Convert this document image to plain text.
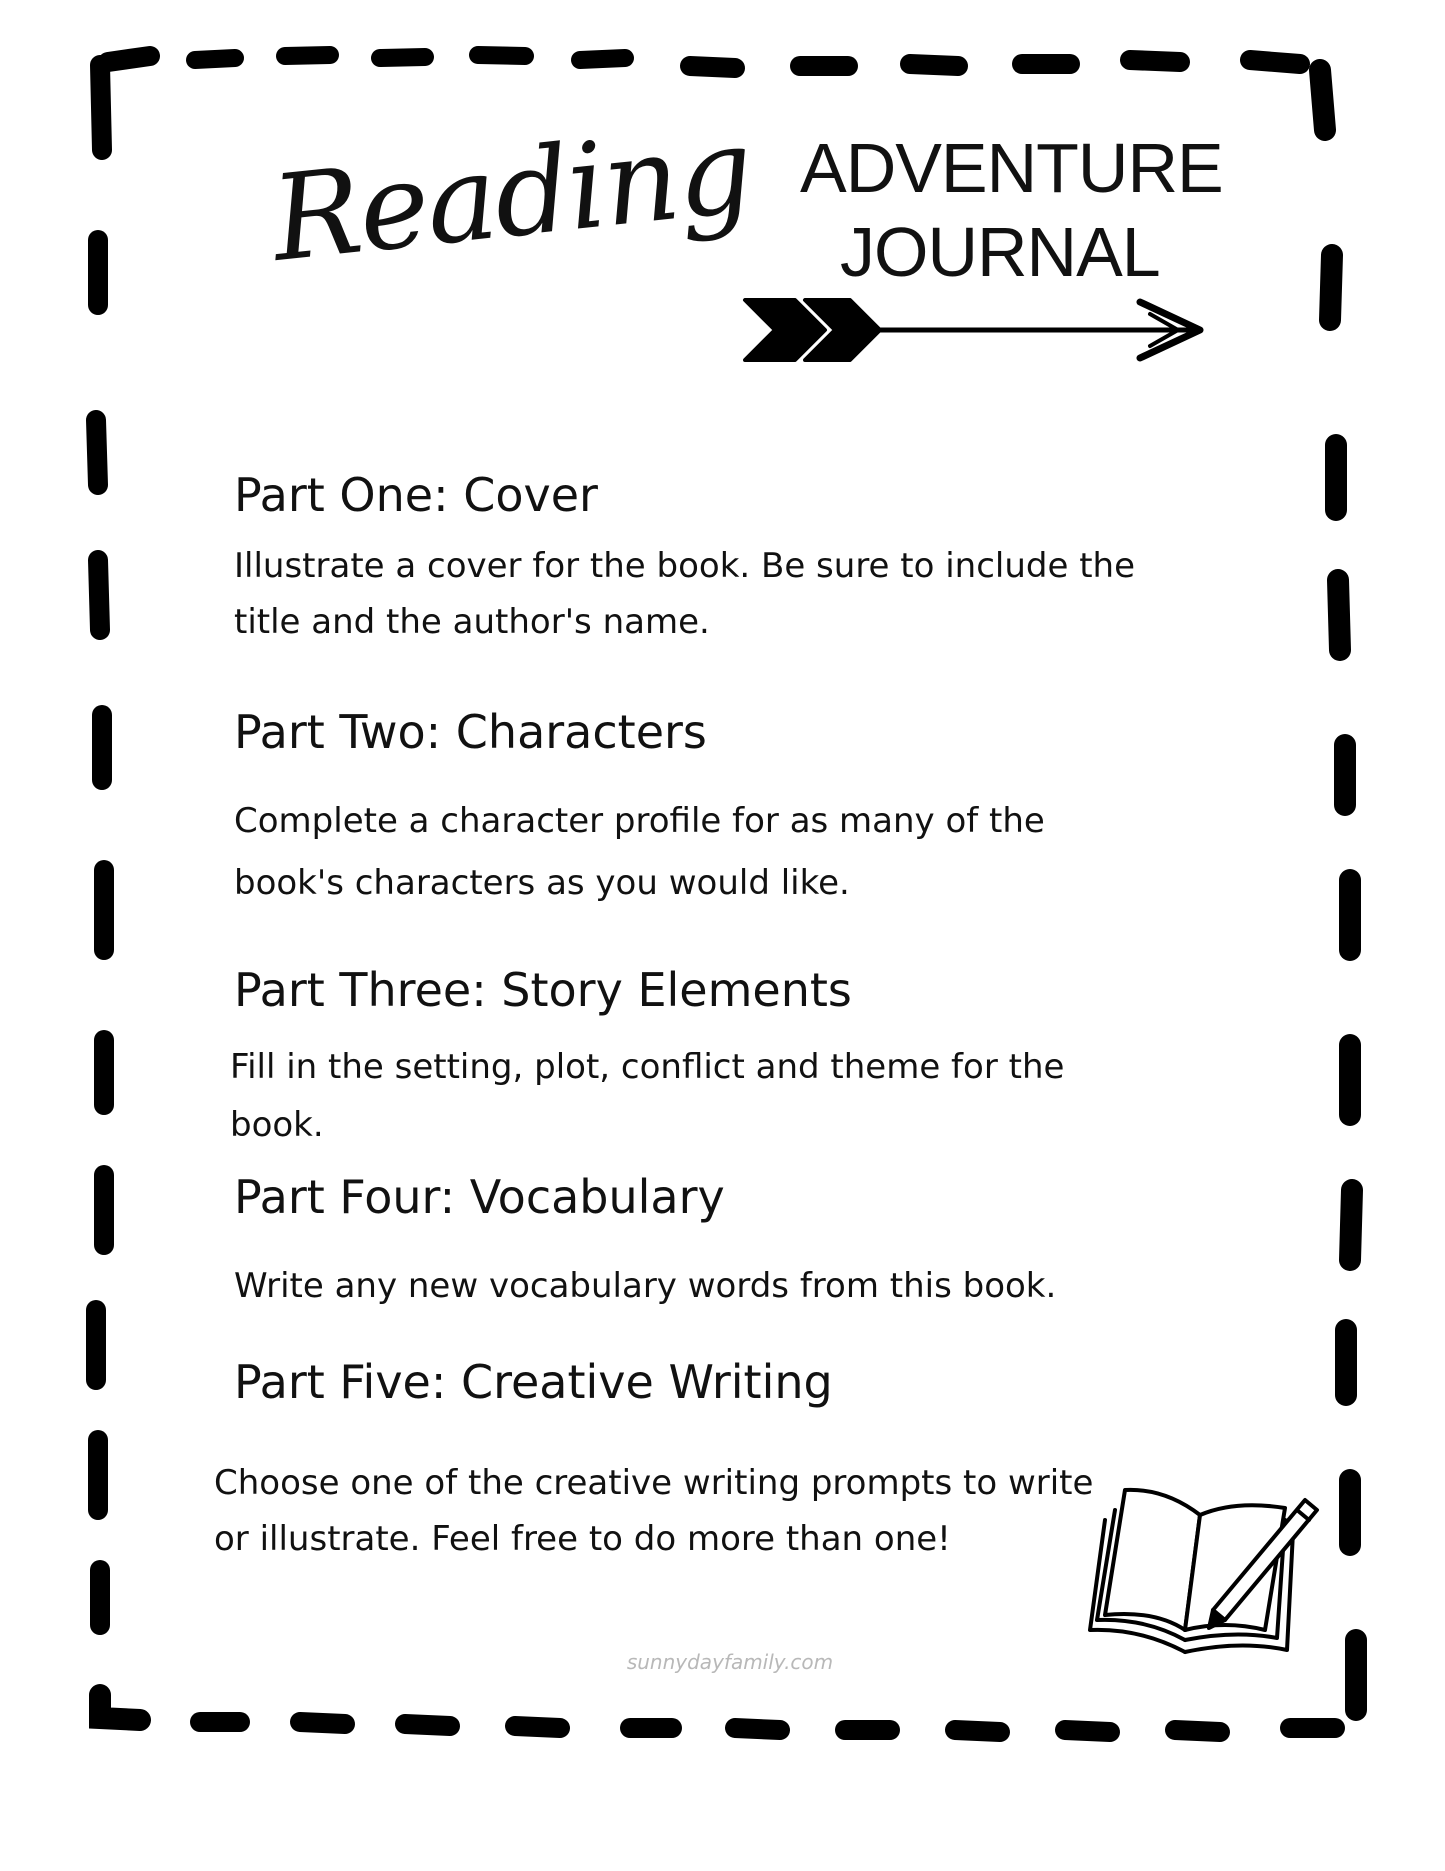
Reading ADVENTURE
JOURNAL
Part One: Cover
Illustrate a cover for the book. Be sure to include the title and the author's name.
Part Two: Characters
Complete a character profile for as many of the book's characters as you would like.
Part Three: Story Elements
Fill in the setting, plot, conflict and theme for the book.
Part Four: Vocabulary
Write any new vocabulary words from this book.
Part Five: Creative Writing
Choose one of the creative writing prompts to write or illustrate. Feel free to do more than one!
sunnydayfamily.com
